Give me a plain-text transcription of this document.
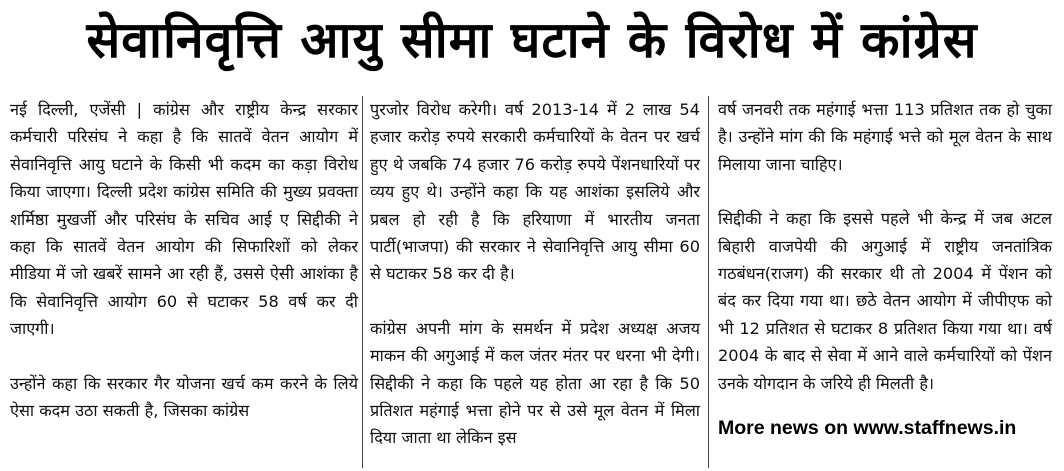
सेवानिवृत्ति आयु सीमा घटाने के विरोध में कांग्रेस

नई दिल्ली, एजेंसी | कांग्रेस और राष्ट्रीय केन्द्र सरकार कर्मचारी परिसंघ ने कहा है कि सातवें वेतन आयोग में सेवानिवृत्ति आयु घटाने के किसी भी कदम का कड़ा विरोध किया जाएगा। दिल्ली प्रदेश कांग्रेस समिति की मुख्य प्रवक्ता शर्मिष्ठा मुखर्जी और परिसंघ के सचिव आई ए सिद्दीकी ने कहा कि सातवें वेतन आयोग की सिफारिशों को लेकर मीडिया में जो खबरें सामने आ रही हैं, उससे ऐसी आशंका है कि सेवानिवृत्ति आयोग 60 से घटाकर 58 वर्ष कर दी जाएगी।

उन्होंने कहा कि सरकार गैर योजना खर्च कम करने के लिये ऐसा कदम उठा सकती है, जिसका कांग्रेस

पुरजोर विरोध करेगी। वर्ष 2013-14 में 2 लाख 54 हजार करोड़ रुपये सरकारी कर्मचारियों के वेतन पर खर्च हुए थे जबकि 74 हजार 76 करोड़ रुपये पेंशनधारियों पर व्यय हुए थे। उन्होंने कहा कि यह आशंका इसलिये और प्रबल हो रही है कि हरियाणा में भारतीय जनता पार्टी(भाजपा) की सरकार ने सेवानिवृत्ति आयु सीमा 60 से घटाकर 58 कर दी है।

कांग्रेस अपनी मांग के समर्थन में प्रदेश अध्यक्ष अजय माकन की अगुआई में कल जंतर मंतर पर धरना भी देगी। सिद्दीकी ने कहा कि पहले यह होता आ रहा है कि 50 प्रतिशत महंगाई भत्ता होने पर से उसे मूल वेतन में मिला दिया जाता था लेकिन इस

वर्ष जनवरी तक महंगाई भत्ता 113 प्रतिशत तक हो चुका है। उन्होंने मांग की कि महंगाई भत्ते को मूल वेतन के साथ मिलाया जाना चाहिए।

सिद्दीकी ने कहा कि इससे पहले भी केन्द्र में जब अटल बिहारी वाजपेयी की अगुआई में राष्ट्रीय जनतांत्रिक गठबंधन(राजग) की सरकार थी तो 2004 में पेंशन को बंद कर दिया गया था। छठे वेतन आयोग में जीपीएफ को भी 12 प्रतिशत से घटाकर 8 प्रतिशत किया गया था। वर्ष 2004 के बाद से सेवा में आने वाले कर्मचारियों को पेंशन उनके योगदान के जरिये ही मिलती है।

More news on www.staffnews.in
